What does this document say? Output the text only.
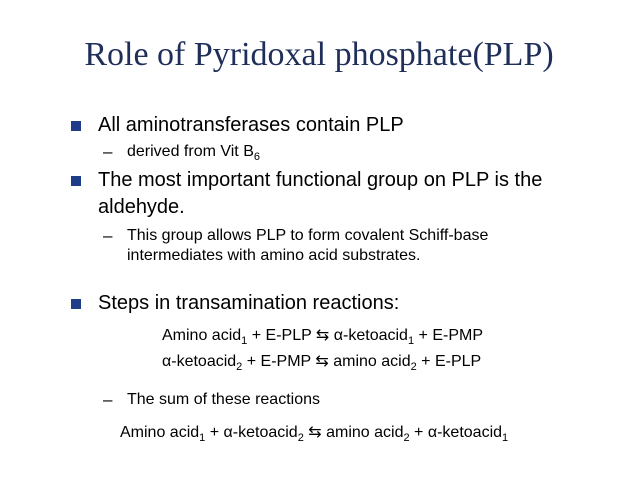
Role of Pyridoxal phosphate(PLP)
All aminotransferases contain PLP
– derived from Vit $B_6$
The most important functional group on PLP is the
aldehyde.
– This group allows PLP to form covalent Schiff-base
intermediates with amino acid substrates.
Steps in transamination reactions:
Amino acid$_1$ + E-PLP ⇆ α-ketoacid$_1$ + E-PMP
α-ketoacid$_2$ + E-PMP ⇆ amino acid$_2$ + E-PLP
– The sum of these reactions
Amino acid$_1$ + α-ketoacid$_2$ ⇆ amino acid$_2$ + α-ketoacid$_1$
